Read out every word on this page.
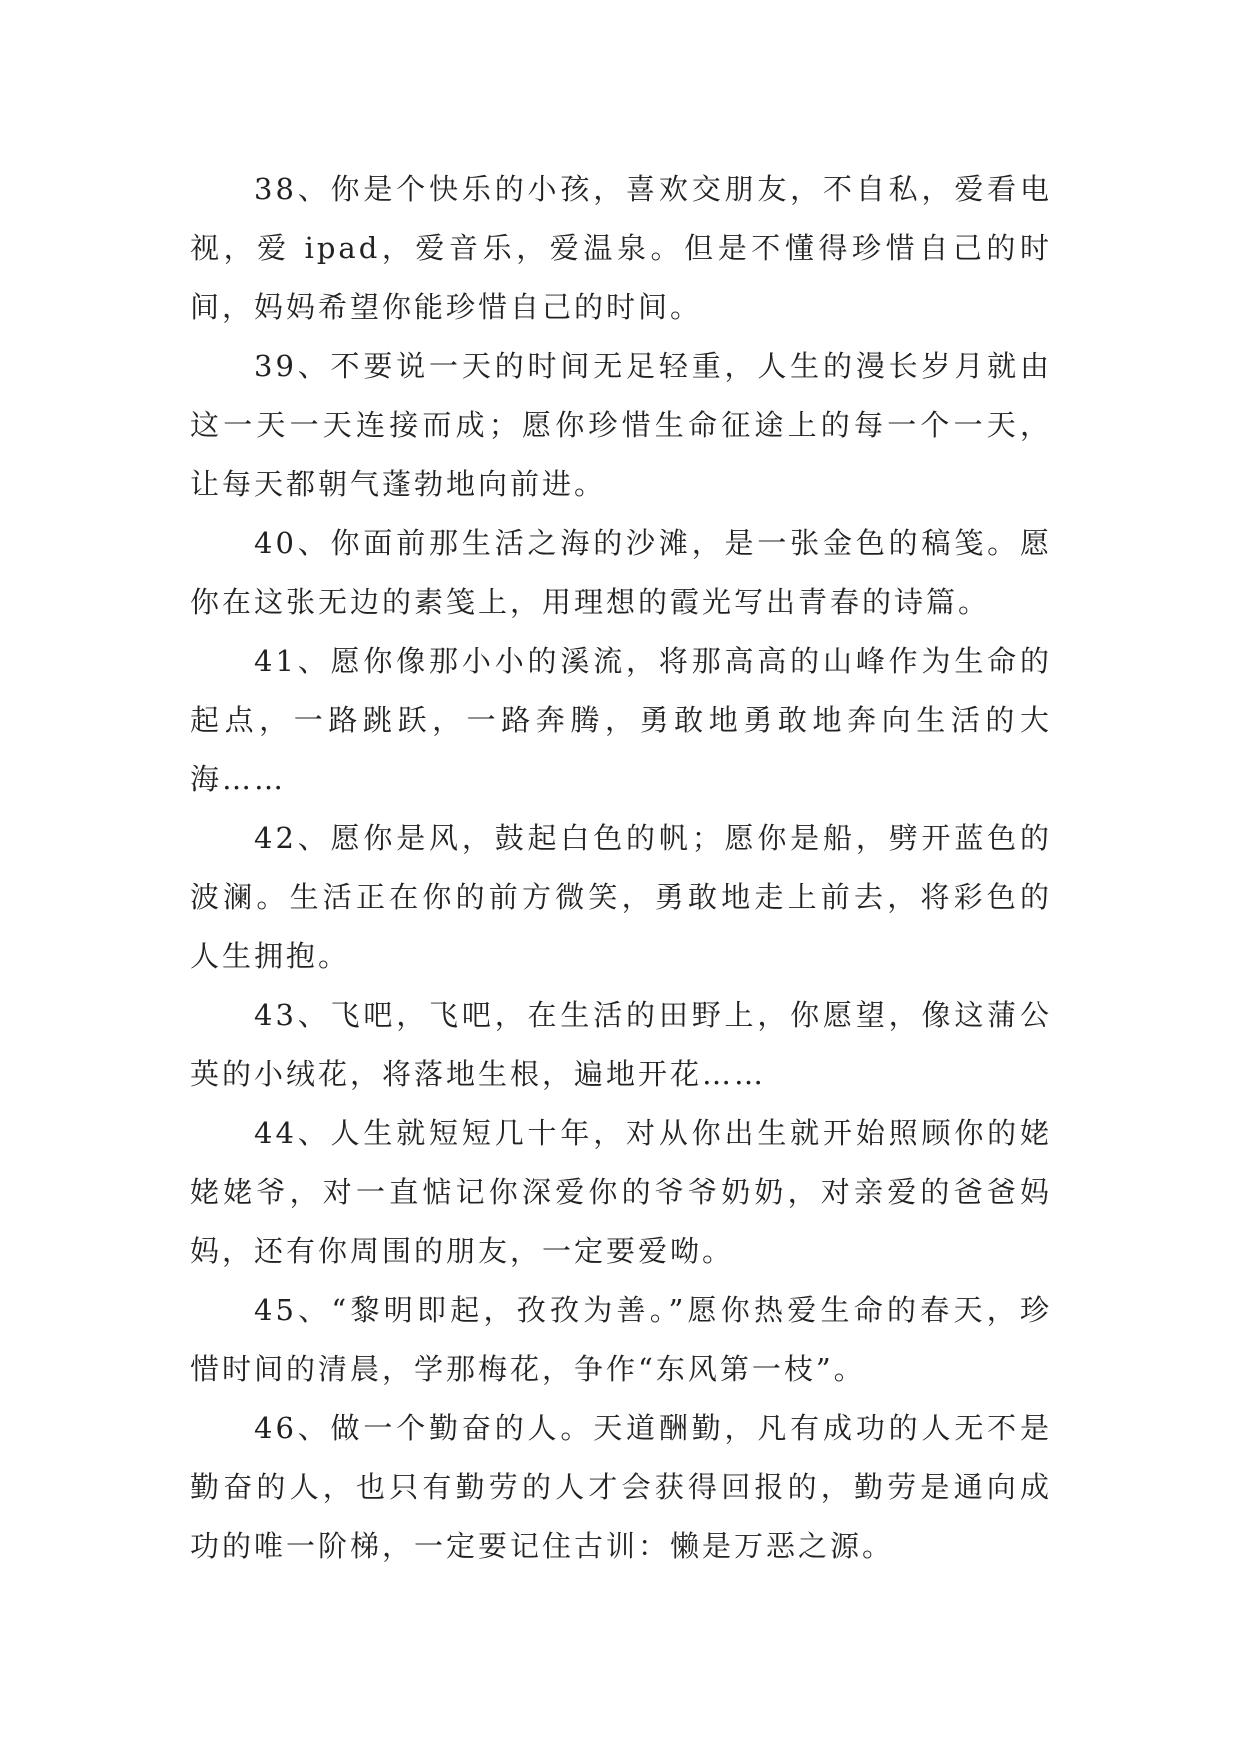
38、你是个快乐的小孩，喜欢交朋友，不自私，爱看电视，爱 ipad，爱音乐，爱温泉。但是不懂得珍惜自己的时间，妈妈希望你能珍惜自己的时间。

39、不要说一天的时间无足轻重，人生的漫长岁月就由这一天一天连接而成；愿你珍惜生命征途上的每一个一天，让每天都朝气蓬勃地向前进。

40、你面前那生活之海的沙滩，是一张金色的稿笺。愿你在这张无边的素笺上，用理想的霞光写出青春的诗篇。

41、愿你像那小小的溪流，将那高高的山峰作为生命的起点，一路跳跃，一路奔腾，勇敢地勇敢地奔向生活的大海……

42、愿你是风，鼓起白色的帆；愿你是船，劈开蓝色的波澜。生活正在你的前方微笑，勇敢地走上前去，将彩色的人生拥抱。

43、飞吧，飞吧，在生活的田野上，你愿望，像这蒲公英的小绒花，将落地生根，遍地开花……

44、人生就短短几十年，对从你出生就开始照顾你的姥姥姥爷，对一直惦记你深爱你的爷爷奶奶，对亲爱的爸爸妈妈，还有你周围的朋友，一定要爱呦。

45、“黎明即起，孜孜为善。”愿你热爱生命的春天，珍惜时间的清晨，学那梅花，争作“东风第一枝”。

46、做一个勤奋的人。天道酬勤，凡有成功的人无不是勤奋的人，也只有勤劳的人才会获得回报的，勤劳是通向成功的唯一阶梯，一定要记住古训：懒是万恶之源。
